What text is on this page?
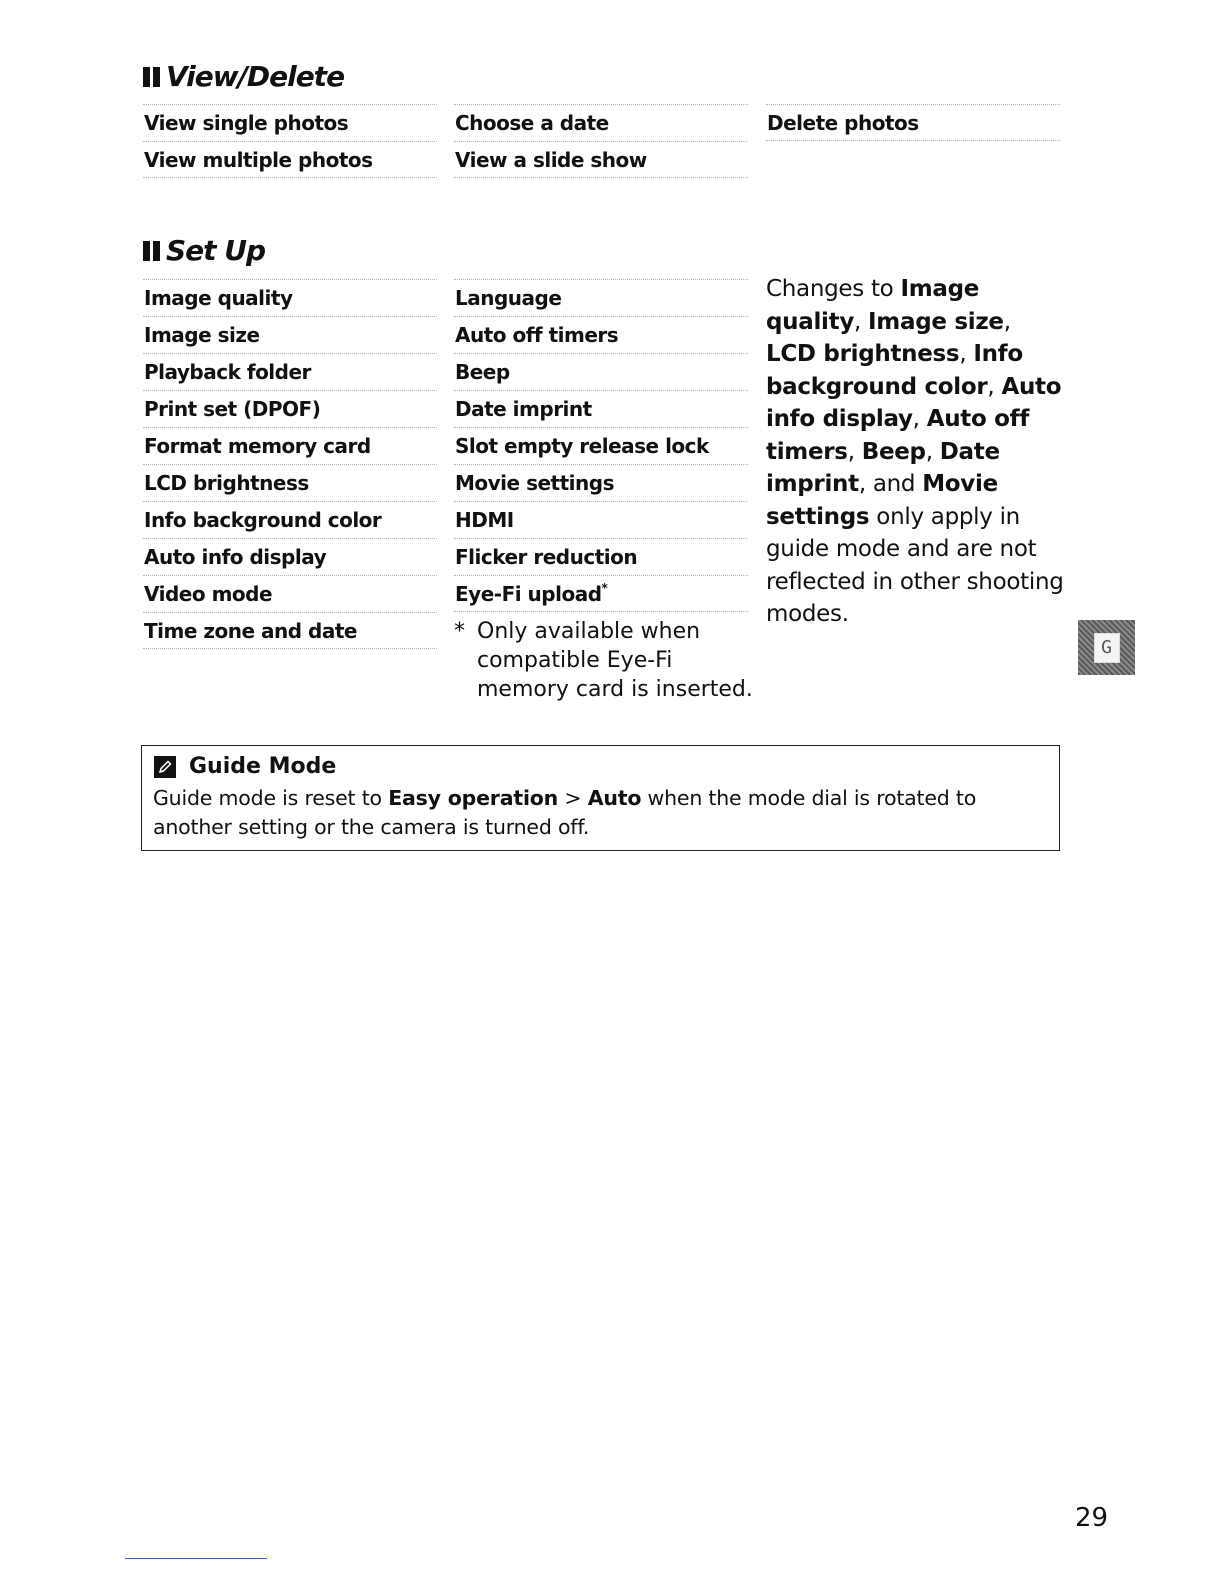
View/Delete
View single photos
View multiple photos
Choose a date
View a slide show
Delete photos
Set Up
Image quality
Image size
Playback folder
Print set (DPOF)
Format memory card
LCD brightness
Info background color
Auto info display
Video mode
Time zone and date
Language
Auto off timers
Beep
Date imprint
Slot empty release lock
Movie settings
HDMI
Flicker reduction
Eye-Fi upload*
* Only available when compatible Eye-Fi memory card is inserted.
Changes to Image quality, Image size, LCD brightness, Info background color, Auto info display, Auto off timers, Beep, Date imprint, and Movie settings only apply in guide mode and are not reflected in other shooting modes.
G
Guide Mode
Guide mode is reset to Easy operation > Auto when the mode dial is rotated to another setting or the camera is turned off.
29
